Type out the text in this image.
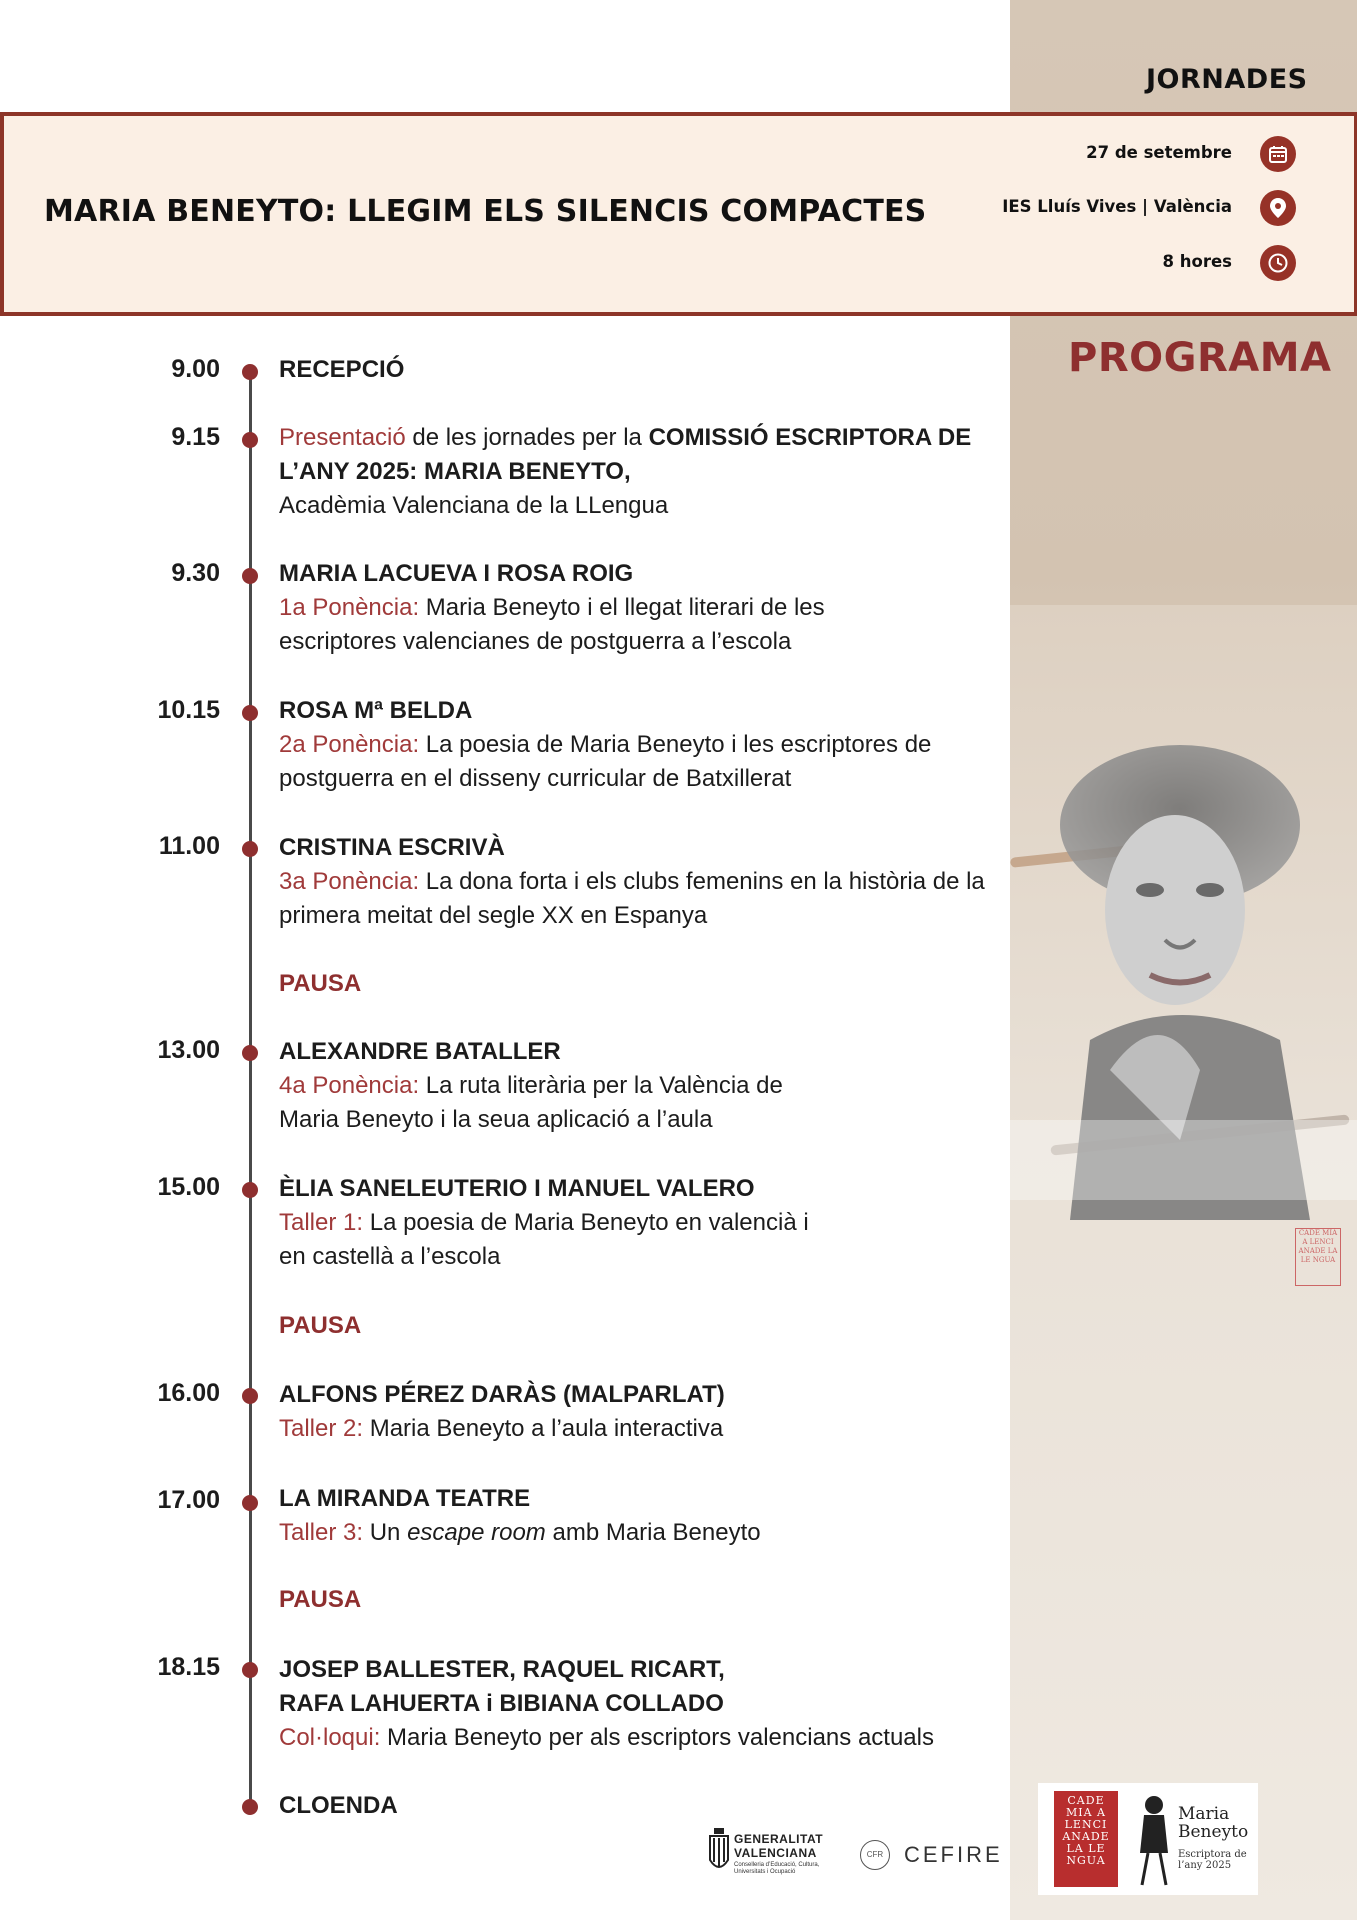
CADE MIA A LENCI ANADE LA LE NGUA
JORNADES
MARIA BENEYTO: LLEGIM ELS SILENCIS COMPACTES
27 de setembre
IES Lluís Vives | València
8 hores
PROGRAMA
9.00 RECEPCIÓ
9.15 Presentació de les jornades per la COMISSIÓ ESCRIPTORA DE L’ANY 2025: MARIA BENEYTO,
Acadèmia Valenciana de la LLengua
9.30 MARIA LACUEVA I ROSA ROIG
1a Ponència: Maria Beneyto i el llegat literari de les escriptores valencianes de postguerra a l’escola
10.15 ROSA Mª BELDA
2a Ponència: La poesia de Maria Beneyto i les escriptores de postguerra en el disseny curricular de Batxillerat
11.00 CRISTINA ESCRIVÀ
3a Ponència: La dona forta i els clubs femenins en la història de la primera meitat del segle XX en Espanya
PAUSA
13.00 ALEXANDRE BATALLER
4a Ponència: La ruta literària per la València de Maria Beneyto i la seua aplicació a l’aula
15.00 ÈLIA SANELEUTERIO I MANUEL VALERO
Taller 1: La poesia de Maria Beneyto en valencià i en castellà a l’escola
PAUSA
16.00 ALFONS PÉREZ DARÀS (MALPARLAT)
Taller 2: Maria Beneyto a l’aula interactiva
17.00 LA MIRANDA TEATRE
Taller 3: Un escape room amb Maria Beneyto
PAUSA
18.15 JOSEP BALLESTER, RAQUEL RICART,
RAFA LAHUERTA i BIBIANA COLLADO
Col·loqui: Maria Beneyto per als escriptors valencians actuals
CLOENDA
GENERALITAT
VALENCIANA
Conselleria d’Educació, Cultura, Universitats i Ocupació
CFR CEFIRE
CADE MIA A LENCI ANADE LA LE NGUA
Maria Beneyto
Escriptora de l’any 2025
